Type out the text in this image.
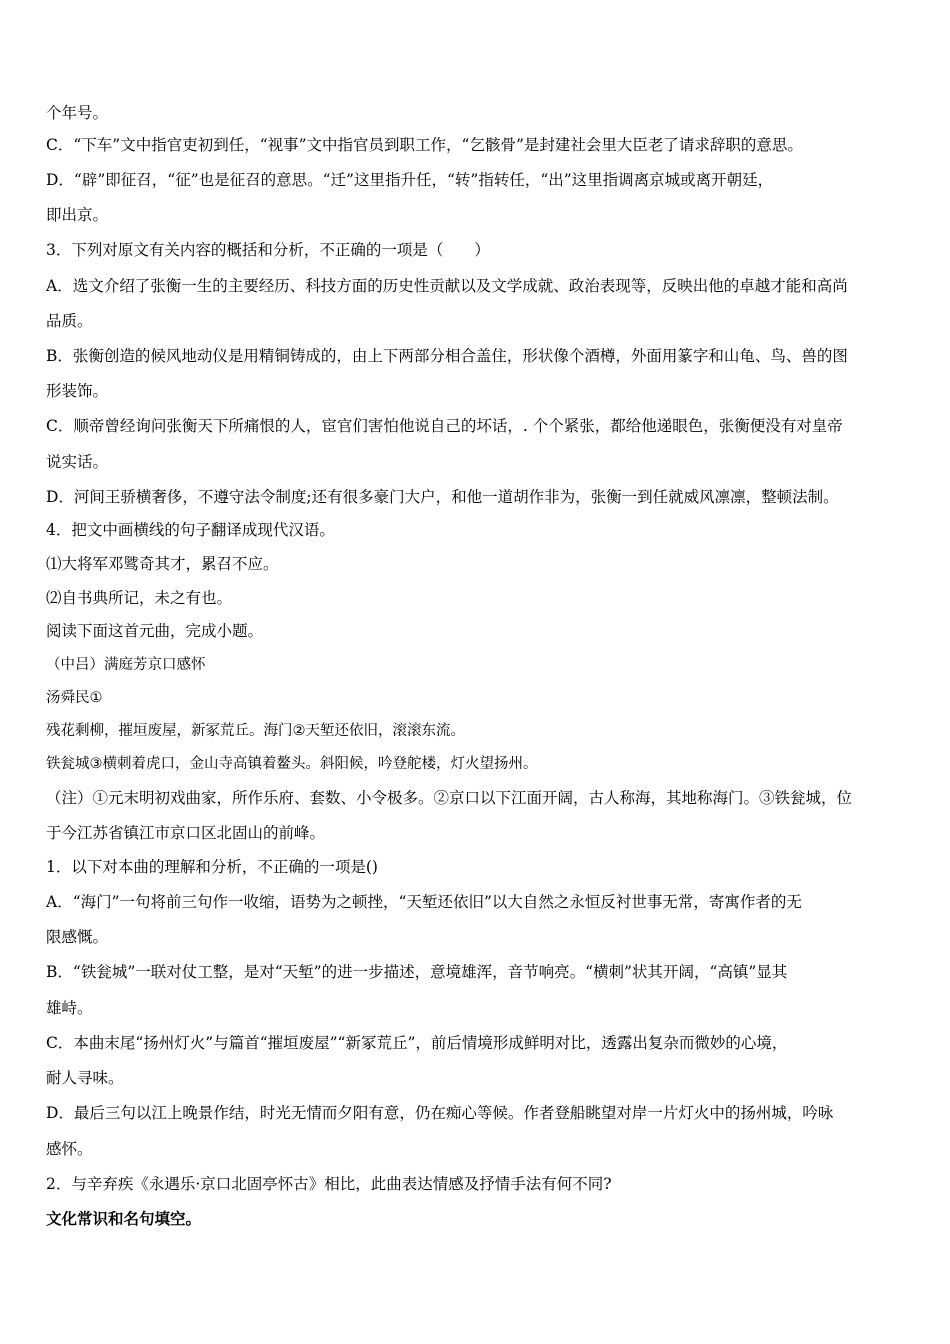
个年号。
C．“下车”文中指官吏初到任，“视事”文中指官员到职工作，“乞骸骨”是封建社会里大臣老了请求辞职的意思。
D．“辟”即征召，“征”也是征召的意思。“迁”这里指升任，“转”指转任，“出”这里指调离京城或离开朝廷，
即出京。
3．下列对原文有关内容的概括和分析，不正确的一项是（　　）
A．选文介绍了张衡一生的主要经历、科技方面的历史性贡献以及文学成就、政治表现等，反映出他的卓越才能和高尚
品质。
B．张衡创造的候风地动仪是用精铜铸成的，由上下两部分相合盖住，形状像个酒樽，外面用篆字和山龟、鸟、兽的图
形装饰。
C．顺帝曾经询问张衡天下所痛恨的人，宦官们害怕他说自己的坏话，. 个个紧张，都给他递眼色，张衡便没有对皇帝
说实话。
D．河间王骄横奢侈，不遵守法令制度;还有很多豪门大户，和他一道胡作非为，张衡一到任就威风凛凛，整顿法制。
4．把文中画横线的句子翻译成现代汉语。
⑴大将军邓骘奇其才，累召不应。
⑵自书典所记，未之有也。
阅读下面这首元曲，完成小题。
（中吕）满庭芳京口感怀
汤舜民①
残花剩柳，摧垣废屋，新冢荒丘。海门②天堑还依旧，滚滚东流。
铁瓮城③横刺着虎口，金山寺高镇着鳌头。斜阳候，吟登舵楼，灯火望扬州。
（注）①元末明初戏曲家，所作乐府、套数、小令极多。②京口以下江面开阔，古人称海，其地称海门。③铁瓮城，位
于今江苏省镇江市京口区北固山的前峰。
1．以下对本曲的理解和分析，不正确的一项是()
A．“海门”一句将前三句作一收缩，语势为之顿挫，“天堑还依旧”以大自然之永恒反衬世事无常，寄寓作者的无
限感慨。
B．“铁瓮城”一联对仗工整，是对“天堑”的进一步描述，意境雄浑，音节响亮。“横刺”状其开阔，“高镇”显其
雄峙。
C．本曲末尾“扬州灯火”与篇首“摧垣废屋”“新冢荒丘”，前后情境形成鲜明对比，透露出复杂而微妙的心境，
耐人寻味。
D．最后三句以江上晚景作结，时光无情而夕阳有意，仍在痴心等候。作者登船眺望对岸一片灯火中的扬州城，吟咏
感怀。
2．与辛弃疾《永遇乐·京口北固亭怀古》相比，此曲表达情感及抒情手法有何不同?
文化常识和名句填空。
